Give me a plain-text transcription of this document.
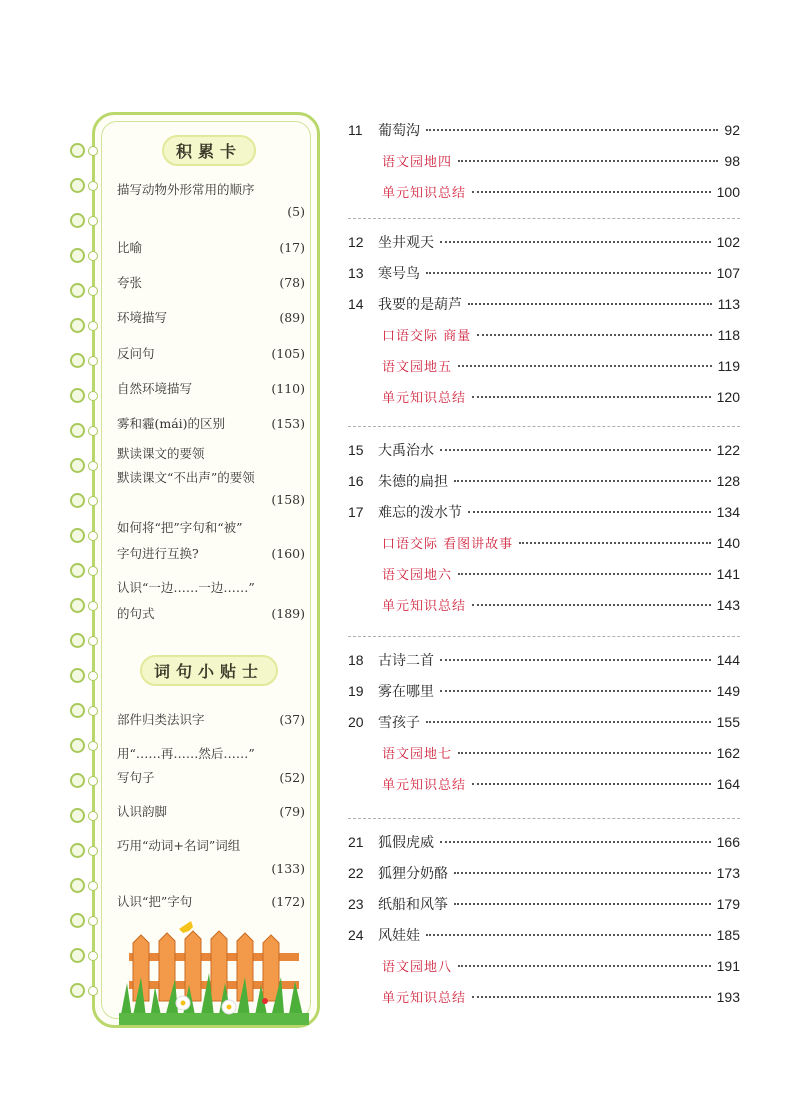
积累卡
描写动物外形常用的顺序
(5)
比喻	(17)
夸张	(78)
环境描写	(89)
反问句	(105)
自然环境描写	(110)
雾和霾(mái)的区别	(153)
默读课文的要领
默读课文“不出声”的要领
(158)
如何将“把”字句和“被”
字句进行互换?	(160)
认识“一边……一边……”
的句式	(189)
词句小贴士
部件归类法识字	(37)
用“……再……然后……”
写句子	(52)
认识韵脚	(79)
巧用“动词+名词”词组
(133)
认识“把”字句	(172)
11	葡萄沟	92
语文园地四	98
单元知识总结	100
12	坐井观天	102
13	寒号鸟	107
14	我要的是葫芦	113
口语交际 商量	118
语文园地五	119
单元知识总结	120
15	大禹治水	122
16	朱德的扁担	128
17	难忘的泼水节	134
口语交际 看图讲故事	140
语文园地六	141
单元知识总结	143
18	古诗二首	144
19	雾在哪里	149
20	雪孩子	155
语文园地七	162
单元知识总结	164
21	狐假虎威	166
22	狐狸分奶酪	173
23	纸船和风筝	179
24	风娃娃	185
语文园地八	191
单元知识总结	193
